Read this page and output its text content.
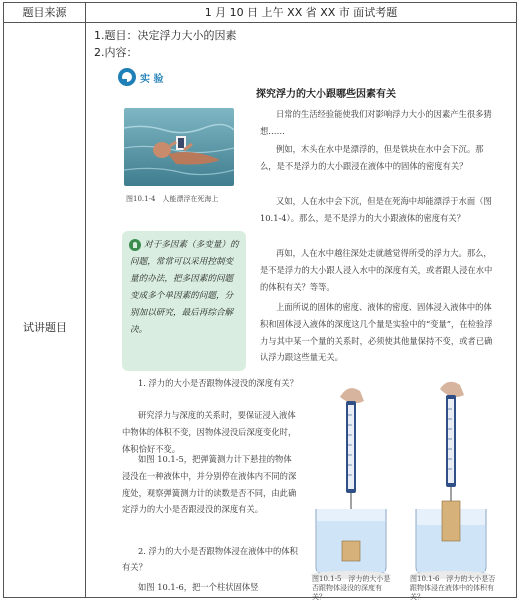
题目来源	1 月 10 日 上午 XX 省 XX 市 面试考题
试讲题目
1.题目：决定浮力大小的因素
2.内容：
实 验
探究浮力的大小跟哪些因素有关
图10.1-4　人能漂浮在死海上

对于多因素（多变量）的问题，常常可以采用控制变量的办法，把多因素的问题变成多个单因素的问题，分别加以研究，最后再综合解决。

日常的生活经验能使我们对影响浮力大小的因素产生很多猜想……

例如，木头在水中是漂浮的，但是铁块在水中会下沉。那么，是不是浮力的大小跟浸在液体中的固体的密度有关？

又如，人在水中会下沉，但是在死海中却能漂浮于水面（图 10.1-4）。那么，是不是浮力的大小跟液体的密度有关？

再如，人在水中越往深处走就越觉得所受的浮力大。那么，是不是浮力的大小跟人浸入水中的深度有关，或者跟人浸在水中的体积有关？等等。

上面所说的固体的密度、液体的密度、固体浸入液体中的体积和固体浸入液体的深度这几个量是实验中的“变量”，在检验浮力与其中某一个量的关系时，必须使其他量保持不变，或者已确认浮力跟这些量无关。

1. 浮力的大小是否跟物体浸没的深度有关？

研究浮力与深度的关系时，要保证浸入液体中物体的体积不变，因物体浸没后深度变化时，体积恰好不变。

如图 10.1-5，把弹簧测力计下悬挂的物体浸没在一种液体中，并分别停在液体内不同的深度处，观察弹簧测力计的读数是否不同，由此确定浮力的大小是否跟浸没的深度有关。

2. 浮力的大小是否跟物体浸在液体中的体积有关？

如图 10.1-6，把一个柱状固体竖

图10.1-5　浮力的大小是否跟物体浸没的深度有关？
图10.1-6　浮力的大小是否跟物体浸在液体中的体积有关？
